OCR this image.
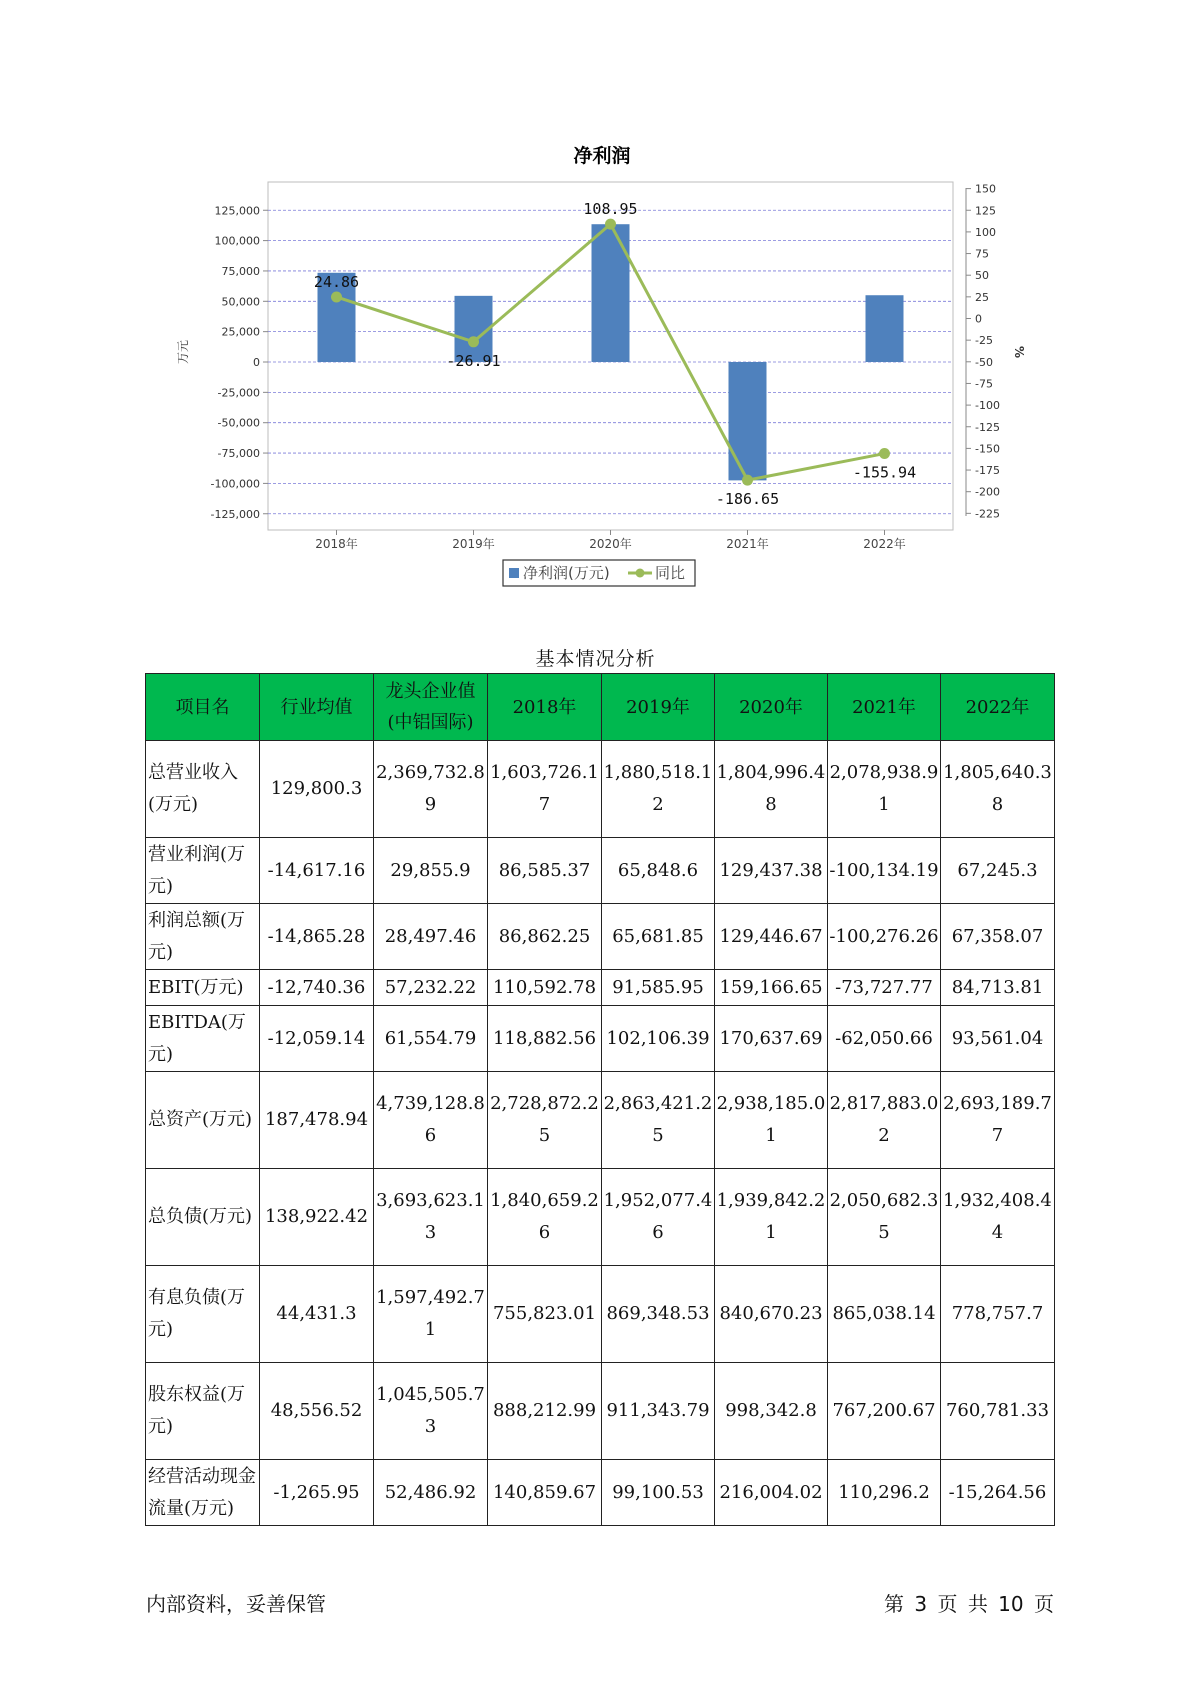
净利润
125,000
100,000
75,000
50,000
25,000
0
-25,000
-50,000
-75,000
-100,000
-125,000
万元
150
125
100
75
50
25
0
-25
-50
-75
-100
-125
-150
-175
-200
-225
%
2018年	2019年	2020年	2021年	2022年
24.86
-26.91
108.95
-186.65
-155.94
净利润(万元)	同比
基本情况分析
项目名	行业均值	龙头企业值(中铝国际)	2018年	2019年	2020年	2021年	2022年
总营业收入(万元)	129,800.3	2,369,732.89	1,603,726.17	1,880,518.12	1,804,996.48	2,078,938.91	1,805,640.38
营业利润(万元)	-14,617.16	29,855.9	86,585.37	65,848.6	129,437.38	-100,134.19	67,245.3
利润总额(万元)	-14,865.28	28,497.46	86,862.25	65,681.85	129,446.67	-100,276.26	67,358.07
EBIT(万元)	-12,740.36	57,232.22	110,592.78	91,585.95	159,166.65	-73,727.77	84,713.81
EBITDA(万元)	-12,059.14	61,554.79	118,882.56	102,106.39	170,637.69	-62,050.66	93,561.04
总资产(万元)	187,478.94	4,739,128.86	2,728,872.25	2,863,421.25	2,938,185.01	2,817,883.02	2,693,189.77
总负债(万元)	138,922.42	3,693,623.13	1,840,659.26	1,952,077.46	1,939,842.21	2,050,682.35	1,932,408.44
有息负债(万元)	44,431.3	1,597,492.71	755,823.01	869,348.53	840,670.23	865,038.14	778,757.7
股东权益(万元)	48,556.52	1,045,505.73	888,212.99	911,343.79	998,342.8	767,200.67	760,781.33
经营活动现金流量(万元)	-1,265.95	52,486.92	140,859.67	99,100.53	216,004.02	110,296.2	-15,264.56
内部资料，妥善保管	第 3 页 共 10 页
